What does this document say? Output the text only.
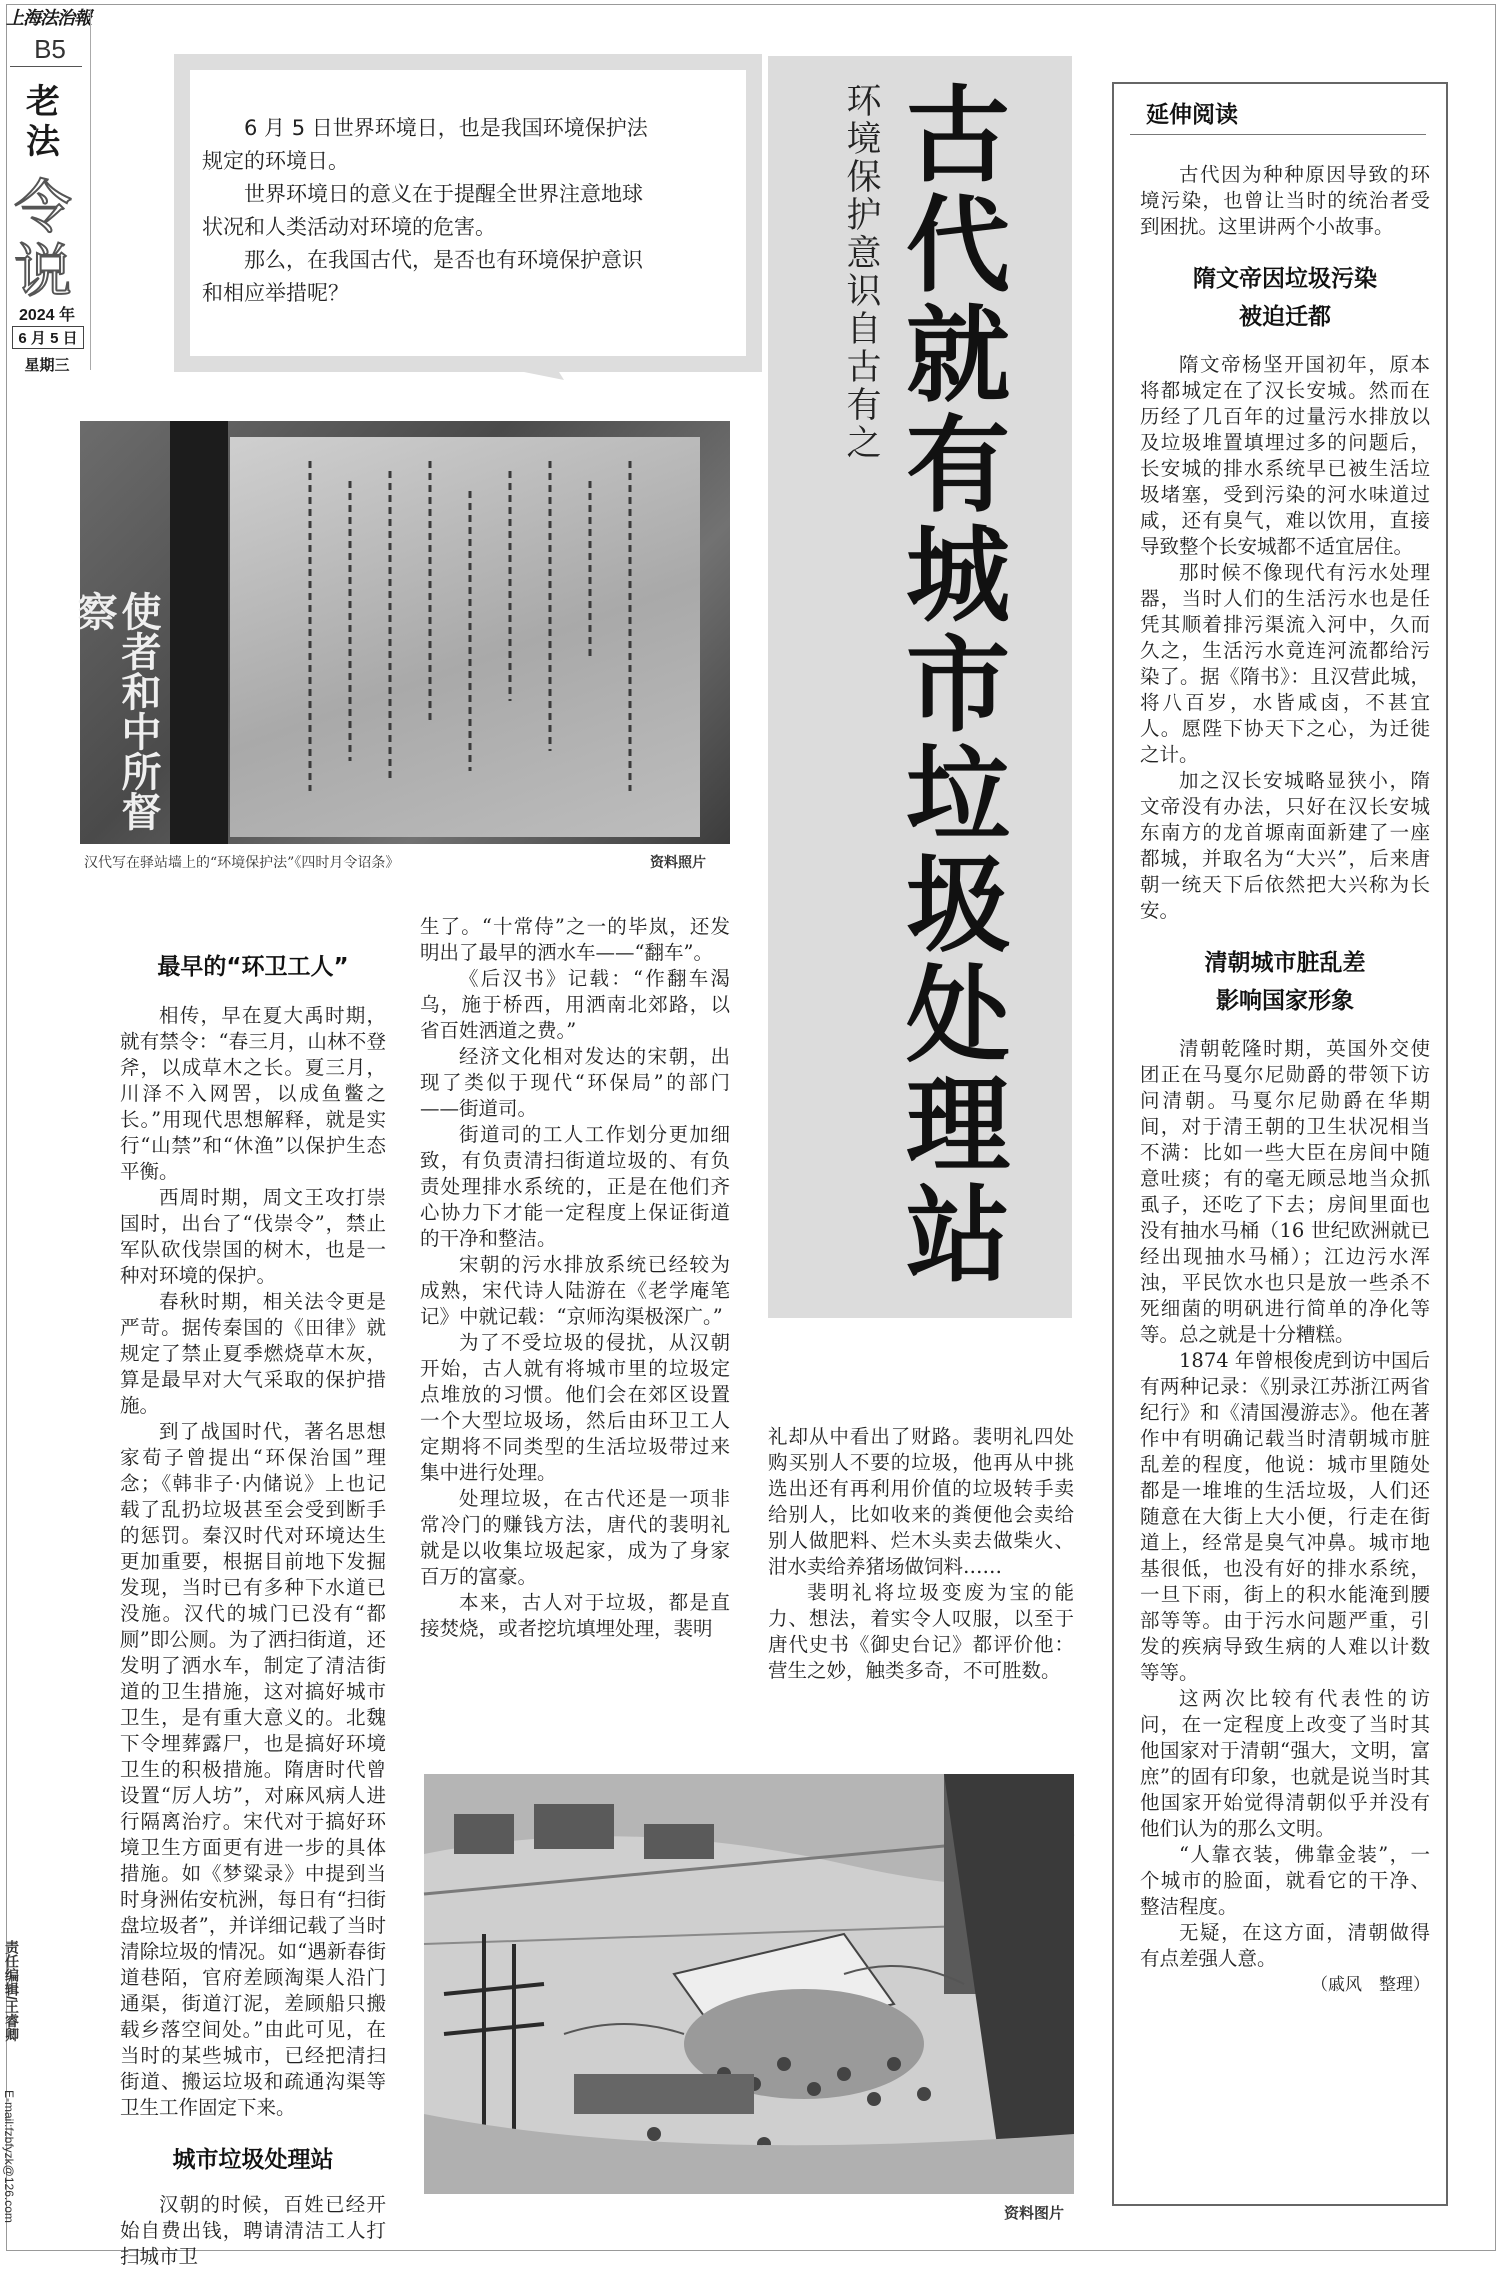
上海法治報
B5
老
法
令
说
2024 年
6 月 5 日
星期三

6 月 5 日世界环境日，也是我国环境保护法规定的环境日。

世界环境日的意义在于提醒全世界注意地球状况和人类活动对环境的危害。

那么，在我国古代，是否也有环境保护意识和相应举措呢？	环境保护意识自古有之 古代就有城市垃圾处理站
使者和中所督察
汉代写在驿站墙上的“环境保护法”《四时月令诏条》	资料照片
最早的“环卫工人”

相传，早在夏大禹时期，就有禁令：“春三月，山林不登斧，以成草木之长。夏三月，川泽不入网罟，以成鱼鳖之长。”用现代思想解释，就是实行“山禁”和“休渔”以保护生态平衡。

西周时期，周文王攻打崇国时，出台了“伐崇令”，禁止军队砍伐崇国的树木，也是一种对环境的保护。

春秋时期，相关法令更是严苛。据传秦国的《田律》就规定了禁止夏季燃烧草木灰，算是最早对大气采取的保护措施。

到了战国时代，著名思想家荀子曾提出“环保治国”理念；《韩非子·内储说》上也记载了乱扔垃圾甚至会受到断手的惩罚。秦汉时代对环境达生更加重要，根据目前地下发掘发现，当时已有多种下水道已没施。汉代的城门已没有“都厕”即公厕。为了洒扫街道，还发明了洒水车，制定了清洁街道的卫生措施，这对搞好城市卫生，是有重大意义的。北魏下令埋葬露尸，也是搞好环境卫生的积极措施。隋唐时代曾设置“厉人坊”，对麻风病人进行隔离治疗。宋代对于搞好环境卫生方面更有进一步的具体措施。如《梦粱录》中提到当时身洲佑安杭洲，每日有“扫街盘垃圾者”，并详细记载了当时清除垃圾的情况。如“遇新春街道巷陌，官府差顾淘渠人沿门通渠，街道汀泥，差顾船只搬载乡落空间处。”由此可见，在当时的某些城市，已经把清扫街道、搬运垃圾和疏通沟渠等卫生工作固定下来。

城市垃圾处理站

汉朝的时候，百姓已经开始自费出钱，聘请清洁工人打扫城市卫

生了。“十常侍”之一的毕岚，还发明出了最早的洒水车——“翻车”。

《后汉书》记载：“作翻车渴乌，施于桥西，用洒南北郊路，以省百姓洒道之费。”

经济文化相对发达的宋朝，出现了类似于现代“环保局”的部门——街道司。

街道司的工人工作划分更加细致，有负责清扫街道垃圾的、有负责处理排水系统的，正是在他们齐心协力下才能一定程度上保证街道的干净和整洁。

宋朝的污水排放系统已经较为成熟，宋代诗人陆游在《老学庵笔记》中就记载：“京师沟渠极深广。”

为了不受垃圾的侵扰，从汉朝开始，古人就有将城市里的垃圾定点堆放的习惯。他们会在郊区设置一个大型垃圾场，然后由环卫工人定期将不同类型的生活垃圾带过来集中进行处理。

处理垃圾，在古代还是一项非常冷门的赚钱方法，唐代的裴明礼就是以收集垃圾起家，成为了身家百万的富豪。

本来，古人对于垃圾，都是直接焚烧，或者挖坑填埋处理，裴明

礼却从中看出了财路。裴明礼四处购买别人不要的垃圾，他再从中挑选出还有再利用价值的垃圾转手卖给别人，比如收来的粪便他会卖给别人做肥料、烂木头卖去做柴火、泔水卖给养猪场做饲料……

裴明礼将垃圾变废为宝的能力、想法，着实令人叹服，以至于唐代史书《御史台记》都评价他：营生之妙，触类多奇，不可胜数。

资料图片
延伸阅读

古代因为种种原因导致的环境污染，也曾让当时的统治者受到困扰。这里讲两个小故事。

隋文帝因垃圾污染
被迫迁都

隋文帝杨坚开国初年，原本将都城定在了汉长安城。然而在历经了几百年的过量污水排放以及垃圾堆置填埋过多的问题后，长安城的排水系统早已被生活垃圾堵塞，受到污染的河水味道过咸，还有臭气，难以饮用，直接导致整个长安城都不适宜居住。

那时候不像现代有污水处理器，当时人们的生活污水也是任凭其顺着排污渠流入河中，久而久之，生活污水竟连河流都给污染了。据《隋书》：且汉营此城，将八百岁，水皆咸卤，不甚宜人。愿陛下协天下之心，为迁徙之计。

加之汉长安城略显狭小，隋文帝没有办法，只好在汉长安城东南方的龙首塬南面新建了一座都城，并取名为“大兴”，后来唐朝一统天下后依然把大兴称为长安。

清朝城市脏乱差
影响国家形象

清朝乾隆时期，英国外交使团正在马戛尔尼勋爵的带领下访问清朝。马戛尔尼勋爵在华期间，对于清王朝的卫生状况相当不满：比如一些大臣在房间中随意吐痰；有的毫无顾忌地当众抓虱子，还吃了下去；房间里面也没有抽水马桶（16 世纪欧洲就已经出现抽水马桶）；江边污水浑浊，平民饮水也只是放一些杀不死细菌的明矾进行简单的净化等等。总之就是十分糟糕。

1874 年曾根俊虎到访中国后有两种记录：《别录江苏浙江两省纪行》和《清国漫游志》。他在著作中有明确记载当时清朝城市脏乱差的程度，他说：城市里随处都是一堆堆的生活垃圾，人们还随意在大街上大小便，行走在街道上，经常是臭气冲鼻。城市地基很低，也没有好的排水系统，一旦下雨，街上的积水能淹到腰部等等。由于污水问题严重，引发的疾病导致生病的人难以计数等等。

这两次比较有代表性的访问，在一定程度上改变了当时其他国家对于清朝“强大，文明，富庶”的固有印象，也就是说当时其他国家开始觉得清朝似乎并没有他们认为的那么文明。

“人靠衣装，佛靠金装”，一个城市的脸面，就看它的干净、整洁程度。

无疑，在这方面，清朝做得有点差强人意。

（戚风　整理）

责任编辑/王睿卿
E-mail:fzbfyzk@126.com
